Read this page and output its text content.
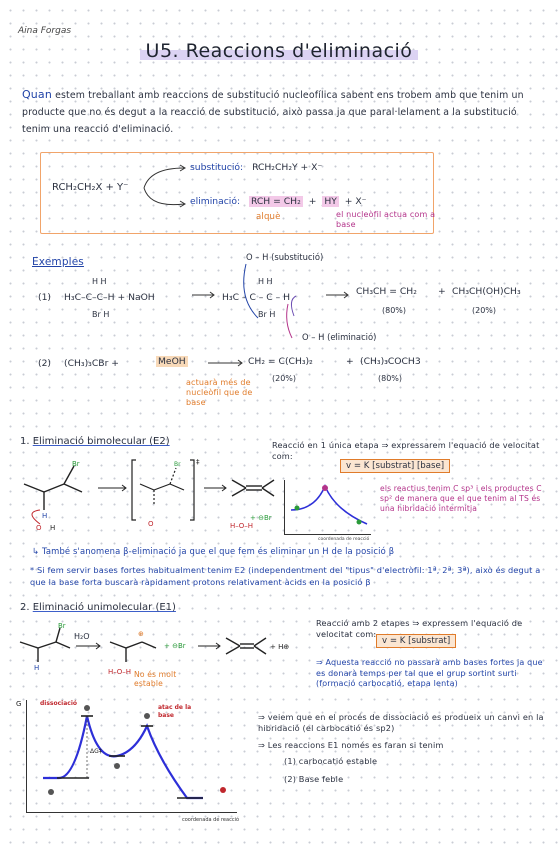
Aina Forgas
U5. Reaccions d'eliminació
Quan estem treballant amb reaccions de substitució nucleofílica sabent ens trobem amb que tenim un producte que no és degut a la reacció de substitució, això passa ja que paral·lelament a la substitució tenim una reacció d'eliminació.
RCH₂CH₂X + Y⁻
substitució: RCH₂CH₂Y + X⁻
eliminació: RCH = CH₂ + HY + X⁻
alquè	el nucleòfil actua com a base
Exemples
(1)
H H
H₃C–C–C–H + NaOH
Br H
H₃C – C – C – H
H H
Br H
O – H (substitució)
O – H (eliminació)
CH₃CH = CH₂
(80%)
+ CH₃CH(OH)CH₃
(20%)
(2) (CH₃)₃CBr +	MeOH	CH₂ = C(CH₃)₂
(20%)
+ (CH₃)₃COCH3
(80%)
actuarà més de nucleòfil que de base
1. Eliminació bimolecular (E2)
Br
H
O H
‡
Br
O	H–O–H
+ ⊖Br
Reacció en 1 única etapa ⇒ expressarem l'equació de velocitat com:
v = K [substrat] [base]
coordenada de reacció
els reactius tenim C sp³ i els productes C sp² de manera que el que tenim al TS és una hibridació intermitja
↳ També s'anomena β-eliminació ja que el que fem és eliminar un H de la posició β
* Si fem servir bases fortes habitualment tenim E2 (independentment del "tipus" d'electròfil: 1ª, 2ª, 3ª), això és degut a que la base forta buscarà ràpidament protons relativament àcids en la posició β
2. Eliminació unimolecular (E1)
Br
H
⊕
+ ⊖Br
H–O–H
+ H⊕
H₂O
No és molt estable
Reacció amb 2 etapes ⇒ expressem l'equació de velocitat com:
v = K [substrat]
⇒ Aquesta reacció no passarà amb bases fortes ja que es donarà temps per tal que el grup sortint surti (formació carbocatió, etapa lenta)
G	dissociació
atac de la base
ΔG‡
coordenada de reacció
⇒ veiem que en el procés de dissociació es produeix un canvi en la hibridació (el carbocatió és sp2)
⇒ Les reaccions E1 només es faran si tenim
(1) carbocatió estable
(2) Base feble
